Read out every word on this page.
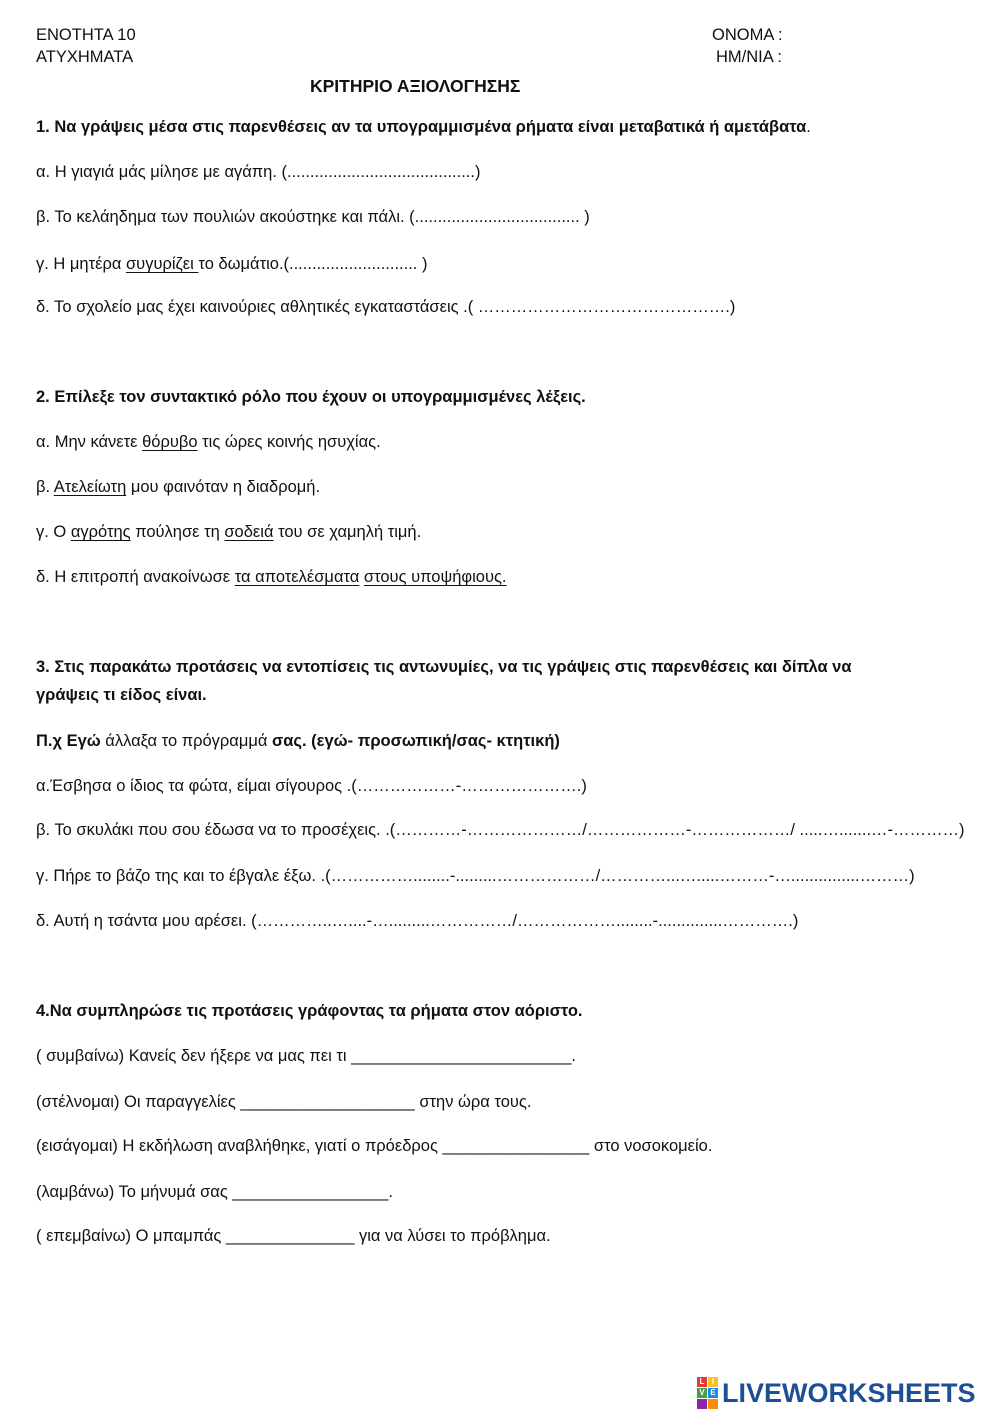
ΕΝΟΤΗΤΑ 10
ΑΤΥΧΗΜΑΤΑ
ΟΝΟΜΑ :
ΗΜ/ΝΙΑ :
ΚΡΙΤΗΡΙΟ ΑΞΙΟΛΟΓΗΣΗΣ
1. Να γράψεις μέσα στις παρενθέσεις αν τα υπογραμμισμένα ρήματα είναι μεταβατικά ή αμετάβατα.
α. Η γιαγιά μάς μίλησε με αγάπη. (.........................................)
β. Το κελάηδημα των πουλιών ακούστηκε και πάλι. (.................................... )
γ. Η μητέρα συγυρίζει το δωμάτιο.(............................ )
δ. Το σχολείο μας έχει καινούριες αθλητικές εγκαταστάσεις .( ……………………………………….)
2. Επίλεξε τον συντακτικό ρόλο που έχουν οι υπογραμμισμένες λέξεις.
α. Μην κάνετε θόρυβο τις ώρες κοινής ησυχίας.
β. Ατελείωτη μου φαινόταν η διαδρομή.
γ. Ο αγρότης πούλησε τη σοδειά του σε χαμηλή τιμή.
δ. Η επιτροπή ανακοίνωσε τα αποτελέσματα στους υποψήφιους.
3. Στις παρακάτω προτάσεις να εντοπίσεις τις αντωνυμίες, να τις γράψεις στις παρενθέσεις και δίπλα να
γράψεις τι είδος είναι.
Π.χ Εγώ άλλαξα το πρόγραμμά σας. (εγώ- προσωπική/σας- κτητική)
α.Έσβησα ο ίδιος τα φώτα, είμαι σίγουρος .(………………-………………….)
β. Το σκυλάκι που σου έδωσα να το προσέχεις. .(…………-…………………/………………-………………/ .....….......…-…………)
γ. Πήρε το βάζο της και το έβγαλε έξω. .(……………........-.........………………/…………...….....………-…...............………)
δ. Αυτή η τσάντα μου αρέσει. (…………..…....-….........……………/………………........-..............………….)
4.Να συμπληρώσε τις προτάσεις γράφοντας τα ρήματα στον αόριστο.
( συμβαίνω) Κανείς δεν ήξερε να μας πει τι ________________________.
(στέλνομαι) Οι παραγγελίες ___________________ στην ώρα τους.
(εισάγομαι) Η εκδήλωση αναβλήθηκε, γιατί ο πρόεδρος ________________ στο νοσοκομείο.
(λαμβάνω) Το μήνυμά σας _________________.
( επεμβαίνω) Ο μπαμπάς ______________ για να λύσει το πρόβλημα.
L I
V E LIVEWORKSHEETS
